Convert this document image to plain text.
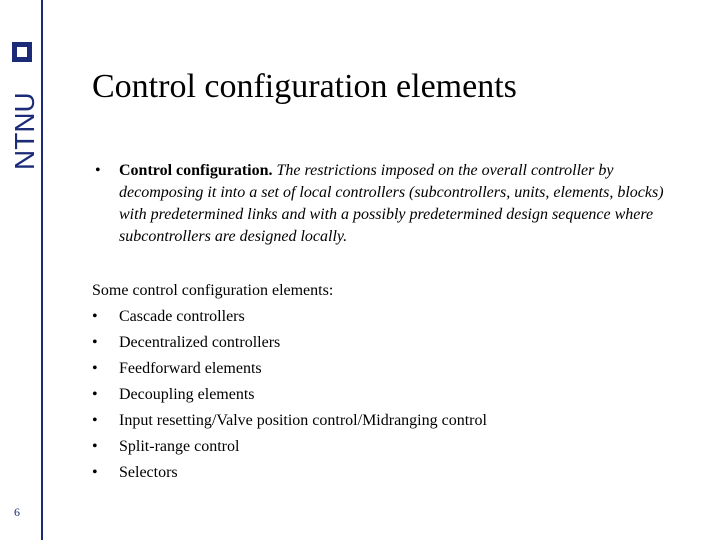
NTNU
6
Control configuration elements
• Control configuration. The restrictions imposed on the overall controller by decomposing it into a set of local controllers (subcontrollers, units, elements, blocks) with predetermined links and with a possibly predetermined design sequence where subcontrollers are designed locally.
Some control configuration elements:
• Cascade controllers
• Decentralized controllers
• Feedforward elements
• Decoupling elements
• Input resetting/Valve position control/Midranging control
• Split-range control
• Selectors
